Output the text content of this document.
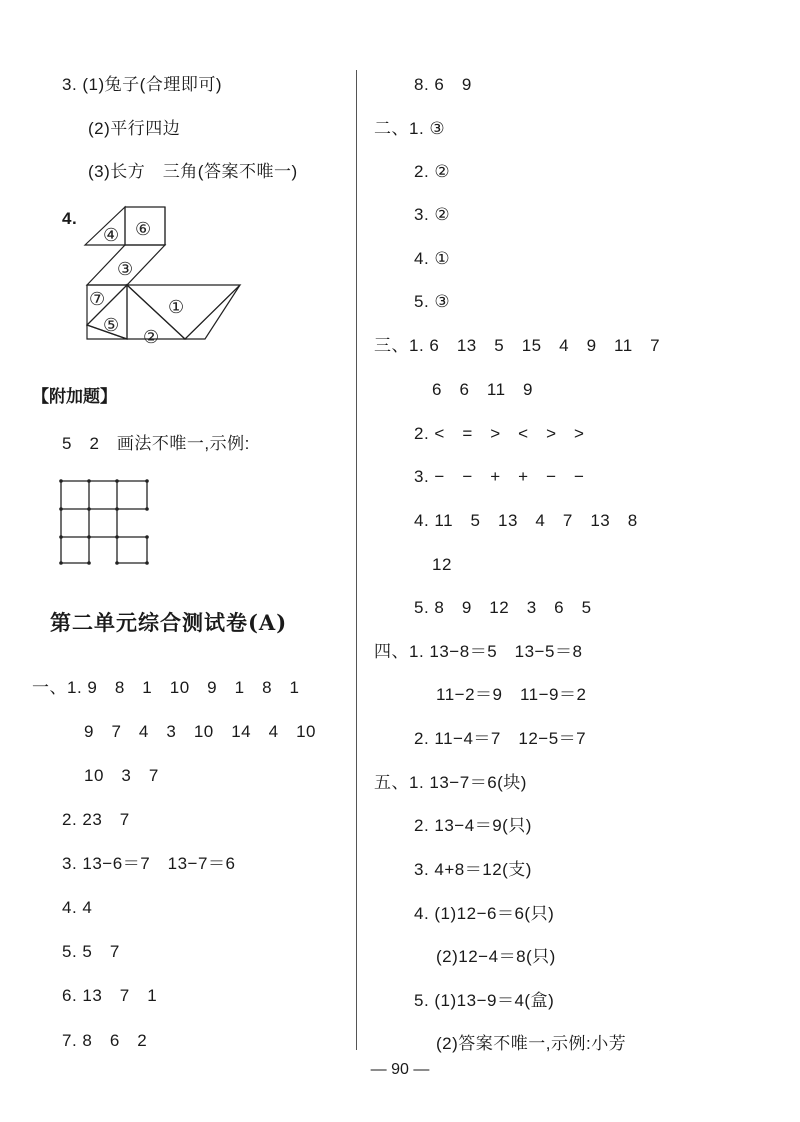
3. (1)兔子(合理即可)
(2)平行四边
(3)长方　三角(答案不唯一)
4.
④ ⑥
③
⑦	①
⑤
②
【附加题】
5　2　画法不唯一,示例:
第二单元综合测试卷(A)
一、1. 9　8　1　10　9　1　8　1
9　7　4　3　10　14　4　10
10　3　7
2. 23　7
3. 13−6＝7　13−7＝6
4. 4
5. 5　7
6. 13　7　1
7. 8　6　2
8. 6　9
二、1. ③
2. ②
3. ②
4. ①
5. ③
三、1. 6　13　5　15　4　9　11　7
6　6　11　9
2. <　=　>　<　>　>
3. −　−　+　+　−　−
4. 11　5　13　4　7　13　8
12
5. 8　9　12　3　6　5
四、1. 13−8＝5　13−5＝8
11−2＝9　11−9＝2
2. 11−4＝7　12−5＝7
五、1. 13−7＝6(块)
2. 13−4＝9(只)
3. 4+8＝12(支)
4. (1)12−6＝6(只)
(2)12−4＝8(只)
5. (1)13−9＝4(盒)
(2)答案不唯一,示例:小芳
— 90 —
